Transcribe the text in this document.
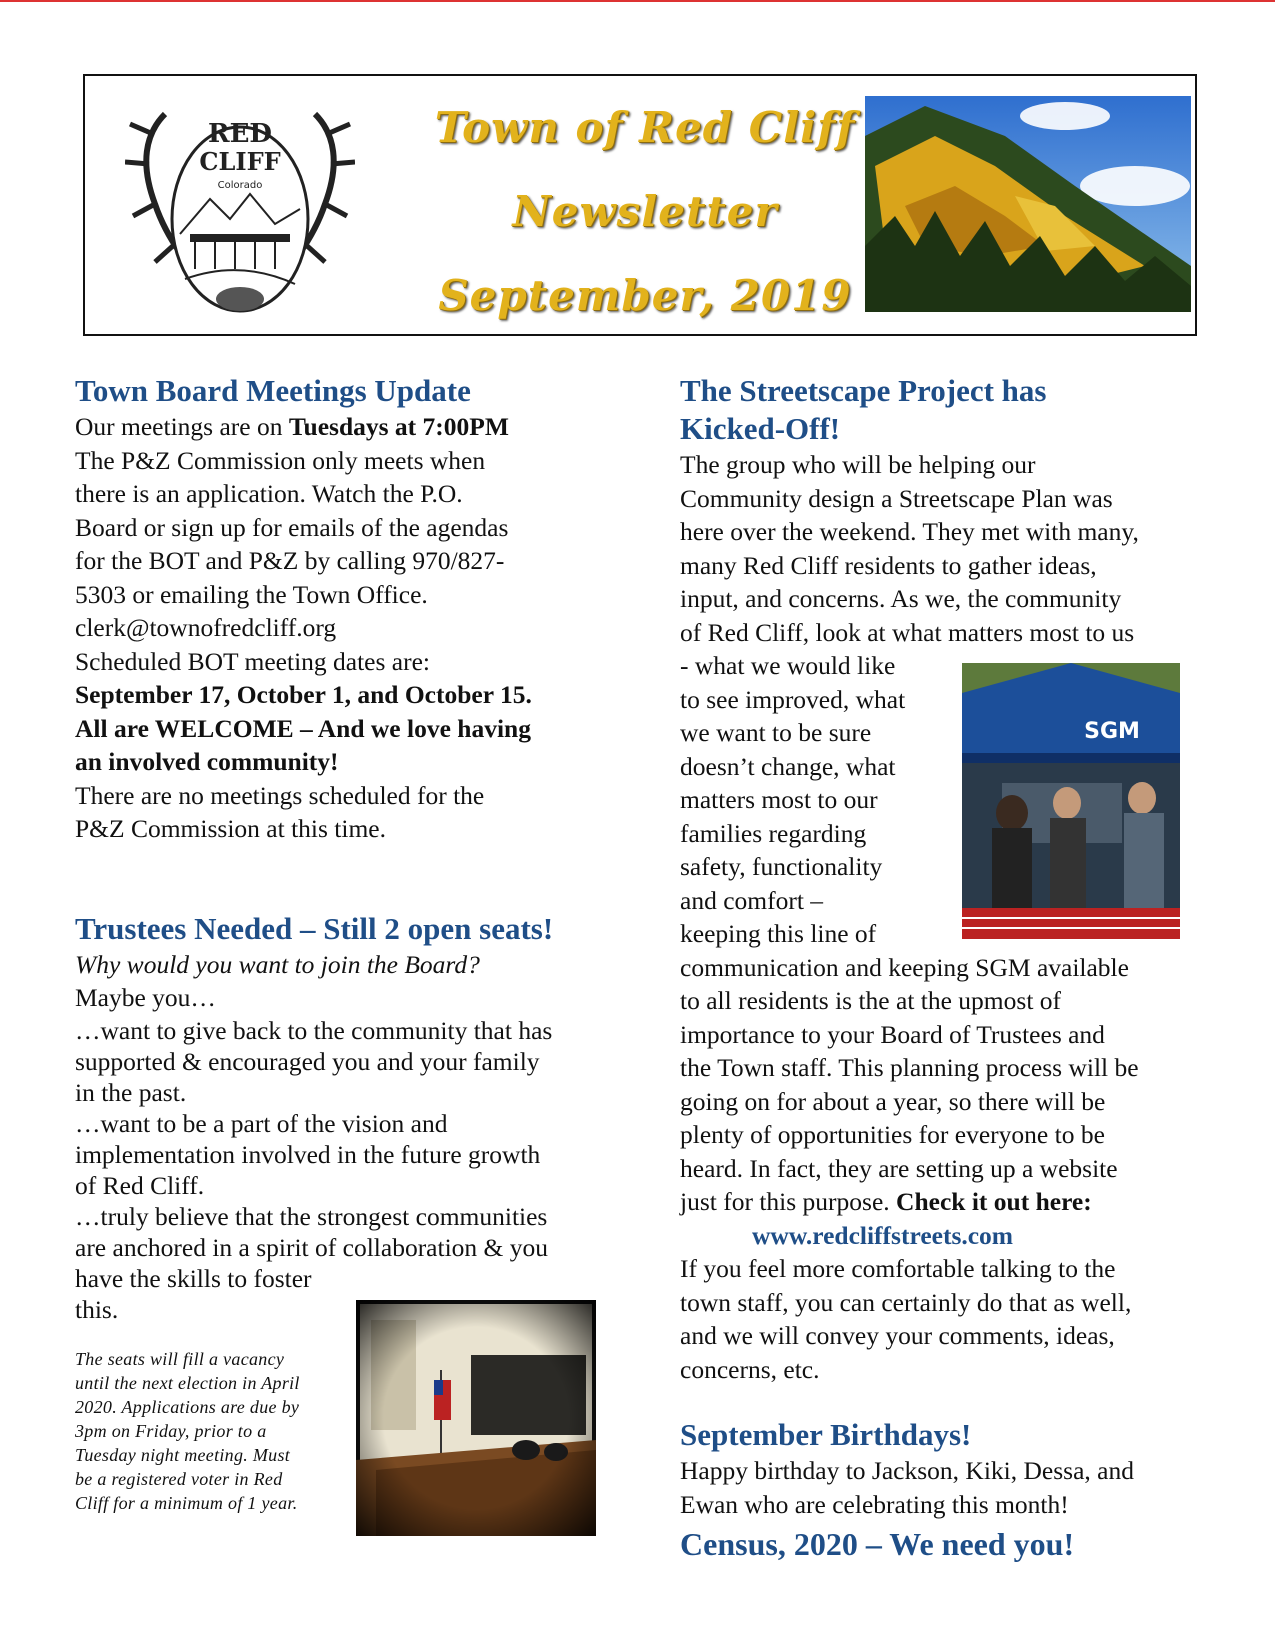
RED
CLIFF
Colorado
Town of Red Cliff
Newsletter
September, 2019

Town Board Meetings Update

Our meetings are on Tuesdays at 7:00PM

The P&Z Commission only meets when

there is an application. Watch the P.O.

Board or sign up for emails of the agendas

for the BOT and P&Z by calling 970/827-

5303 or emailing the Town Office.

clerk@townofredcliff.org

Scheduled BOT meeting dates are:

September 17, October 1, and October 15.

All are WELCOME – And we love having

an involved community!

There are no meetings scheduled for the

P&Z Commission at this time.

Trustees Needed – Still 2 open seats!

Why would you want to join the Board?

Maybe you…

…want to give back to the community that has

supported & encouraged you and your family

in the past.

…want to be a part of the vision and

implementation involved in the future growth

of Red Cliff.

…truly believe that the strongest communities

are anchored in a spirit of collaboration & you

have the skills to foster

this.

The seats will fill a vacancy

until the next election in April

2020. Applications are due by

3pm on Friday, prior to a

Tuesday night meeting. Must

be a registered voter in Red

Cliff for a minimum of 1 year.

The Streetscape Project has

Kicked-Off!

The group who will be helping our

Community design a Streetscape Plan was

here over the weekend. They met with many,

many Red Cliff residents to gather ideas,

input, and concerns. As we, the community

of Red Cliff, look at what matters most to us

- what we would like

to see improved, what

we want to be sure

doesn’t change, what

matters most to our

families regarding

safety, functionality

and comfort –

keeping this line of

communication and keeping SGM available

to all residents is the at the upmost of

importance to your Board of Trustees and

the Town staff. This planning process will be

going on for about a year, so there will be

plenty of opportunities for everyone to be

heard. In fact, they are setting up a website

just for this purpose. Check it out here:

www.redcliffstreets.com

If you feel more comfortable talking to the

town staff, you can certainly do that as well,

and we will convey your comments, ideas,

concerns, etc.

September Birthdays!

Happy birthday to Jackson, Kiki, Dessa, and

Ewan who are celebrating this month!

Census, 2020 – We need you!

SGM
